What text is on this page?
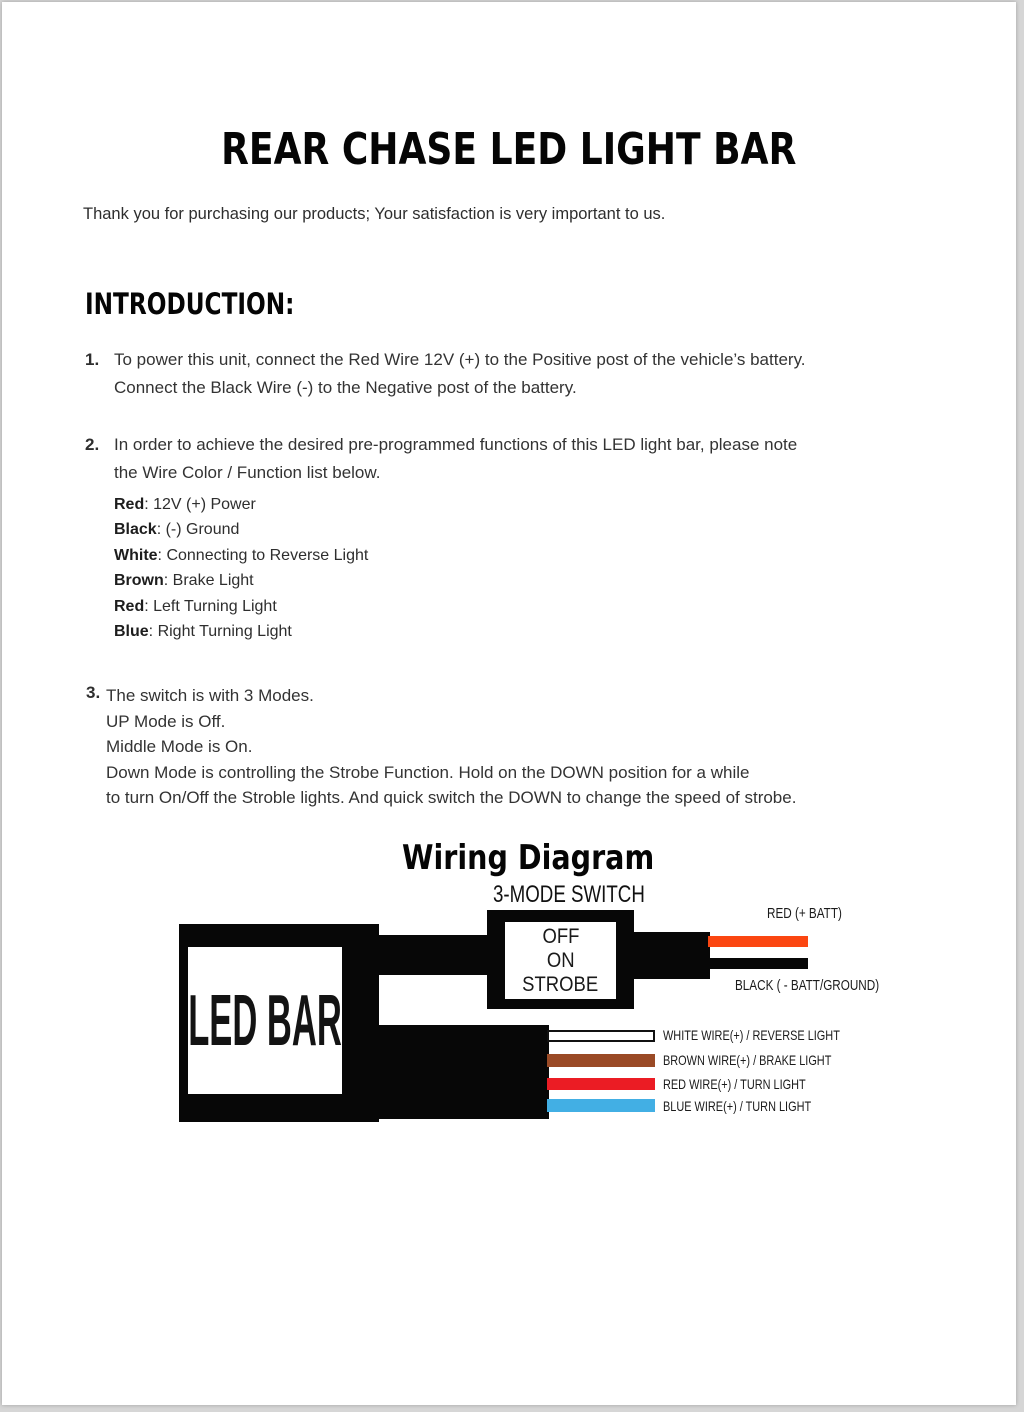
REAR CHASE LED LIGHT BAR
Thank you for purchasing our products; Your satisfaction is very important to us.
INTRODUCTION:
1. To power this unit, connect the Red Wire 12V (+) to the Positive post of the vehicle’s battery.
Connect the Black Wire (-) to the Negative post of the battery.
2. In order to achieve the desired pre-programmed functions of this LED light bar, please note
the Wire Color / Function list below.
Red: 12V (+) Power
Black: (-) Ground
White: Connecting to Reverse Light
Brown: Brake Light
Red: Left Turning Light
Blue: Right Turning Light
3. The switch is with 3 Modes.
UP Mode is Off.
Middle Mode is On.
Down Mode is controlling the Strobe Function. Hold on the DOWN position for a while
to turn On/Off the Stroble lights. And quick switch the DOWN to change the speed of strobe.
Wiring Diagram
3-MODE SWITCH
LED BAR
OFF
ON
STROBE
RED (+ BATT)
BLACK ( - BATT/GROUND)
WHITE WIRE(+) / REVERSE LIGHT
BROWN WIRE(+) / BRAKE LIGHT
RED WIRE(+) / TURN LIGHT
BLUE WIRE(+) / TURN LIGHT
